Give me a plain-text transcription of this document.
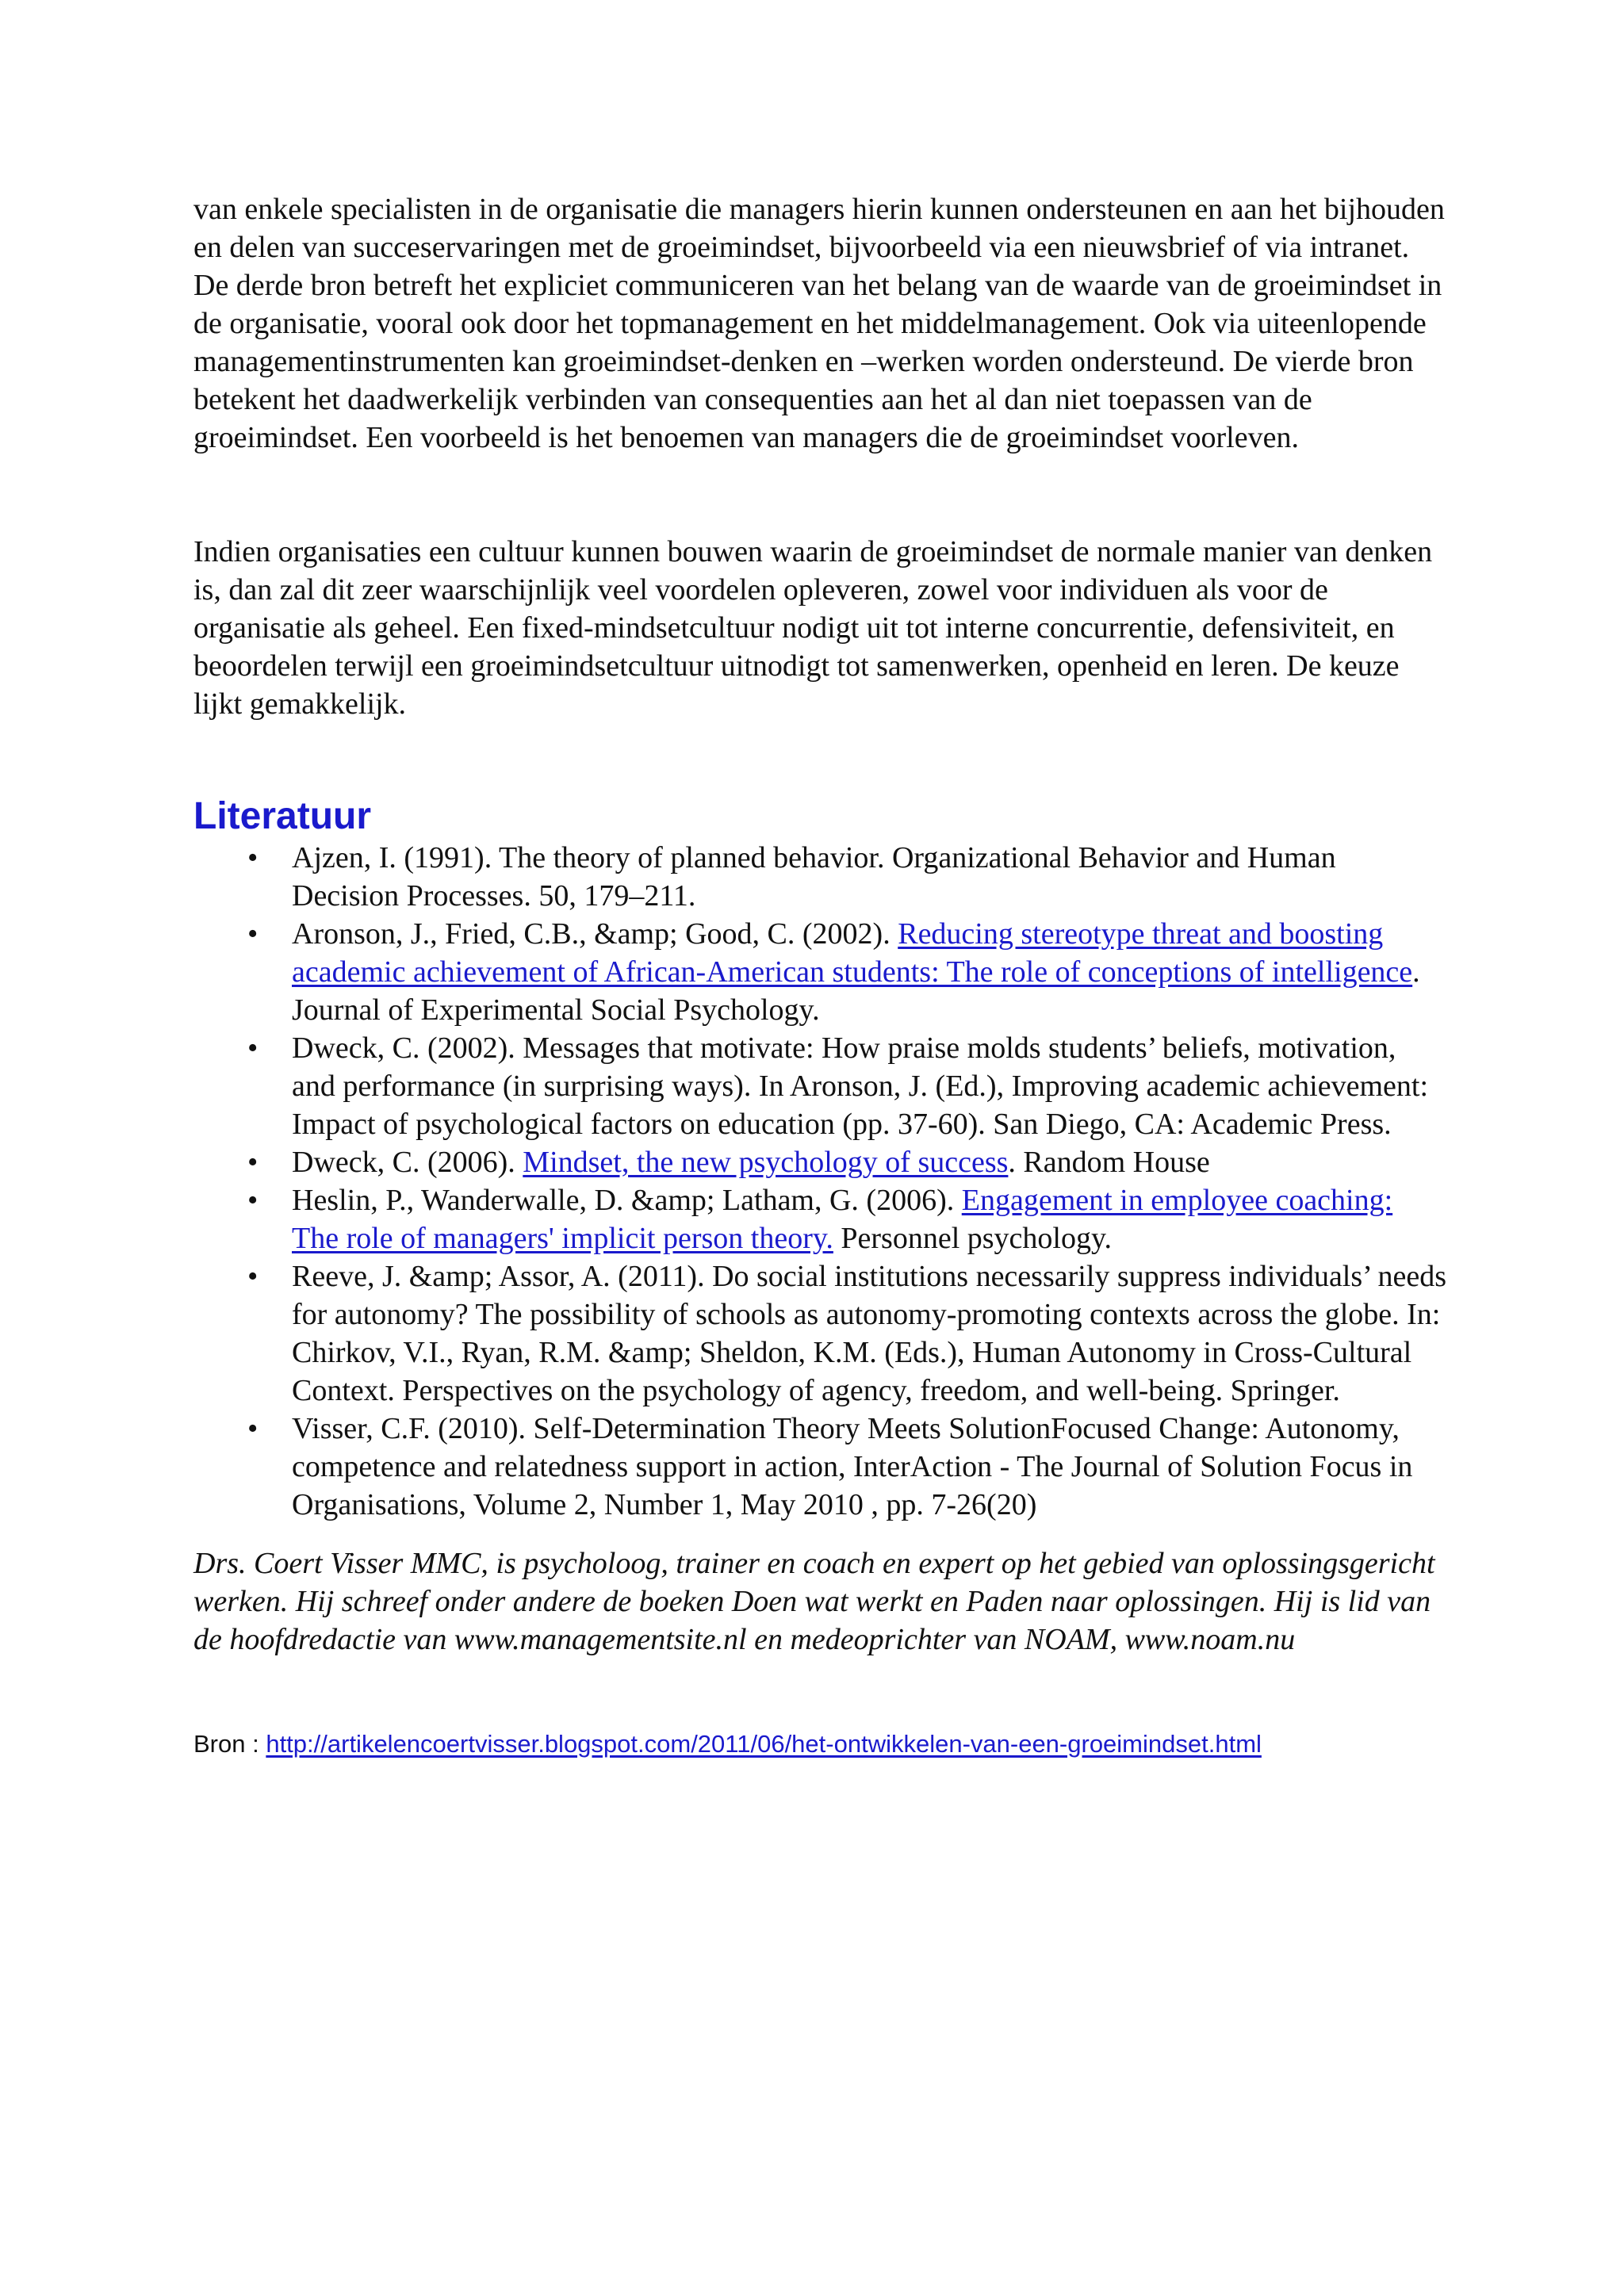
van enkele specialisten in de organisatie die managers hierin kunnen ondersteunen en aan het bijhouden en delen van succeservaringen met de groeimindset, bijvoorbeeld via een nieuwsbrief of via intranet. De derde bron betreft het expliciet communiceren van het belang van de waarde van de groeimindset in de organisatie, vooral ook door het topmanagement en het middelmanagement. Ook via uiteenlopende managementinstrumenten kan groeimindset-denken en –werken worden ondersteund. De vierde bron betekent het daadwerkelijk verbinden van consequenties aan het al dan niet toepassen van de groeimindset. Een voorbeeld is het benoemen van managers die de groeimindset voorleven.

Indien organisaties een cultuur kunnen bouwen waarin de groeimindset de normale manier van denken is, dan zal dit zeer waarschijnlijk veel voordelen opleveren, zowel voor individuen als voor de organisatie als geheel. Een fixed-mindsetcultuur nodigt uit tot interne concurrentie, defensiviteit, en beoordelen terwijl een groeimindsetcultuur uitnodigt tot samenwerken, openheid en leren. De keuze lijkt gemakkelijk.

Literatuur
• Ajzen, I. (1991). The theory of planned behavior. Organizational Behavior and Human Decision Processes. 50, 179–211.
• Aronson, J., Fried, C.B., &amp; Good, C. (2002). Reducing stereotype threat and boosting academic achievement of African-American students: The role of conceptions of intelligence. Journal of Experimental Social Psychology.
• Dweck, C. (2002). Messages that motivate: How praise molds students’ beliefs, motivation, and performance (in surprising ways). In Aronson, J. (Ed.), Improving academic achievement: Impact of psychological factors on education (pp. 37-60). San Diego, CA: Academic Press.
• Dweck, C. (2006). Mindset, the new psychology of success. Random House
• Heslin, P., Wanderwalle, D. &amp; Latham, G. (2006). Engagement in employee coaching: The role of managers' implicit person theory. Personnel psychology.
• Reeve, J. &amp; Assor, A. (2011). Do social institutions necessarily suppress individuals’ needs for autonomy? The possibility of schools as autonomy-promoting contexts across the globe. In: Chirkov, V.I., Ryan, R.M. &amp; Sheldon, K.M. (Eds.), Human Autonomy in Cross-Cultural Context. Perspectives on the psychology of agency, freedom, and well-being. Springer.
• Visser, C.F. (2010). Self-Determination Theory Meets SolutionFocused Change: Autonomy, competence and relatedness support in action, InterAction - The Journal of Solution Focus in Organisations, Volume 2, Number 1, May 2010 , pp. 7-26(20)

Drs. Coert Visser MMC, is psycholoog, trainer en coach en expert op het gebied van oplossingsgericht werken. Hij schreef onder andere de boeken Doen wat werkt en Paden naar oplossingen. Hij is lid van de hoofdredactie van www.managementsite.nl en medeoprichter van NOAM, www.noam.nu

Bron : http://artikelencoertvisser.blogspot.com/2011/06/het-ontwikkelen-van-een-groeimindset.html
